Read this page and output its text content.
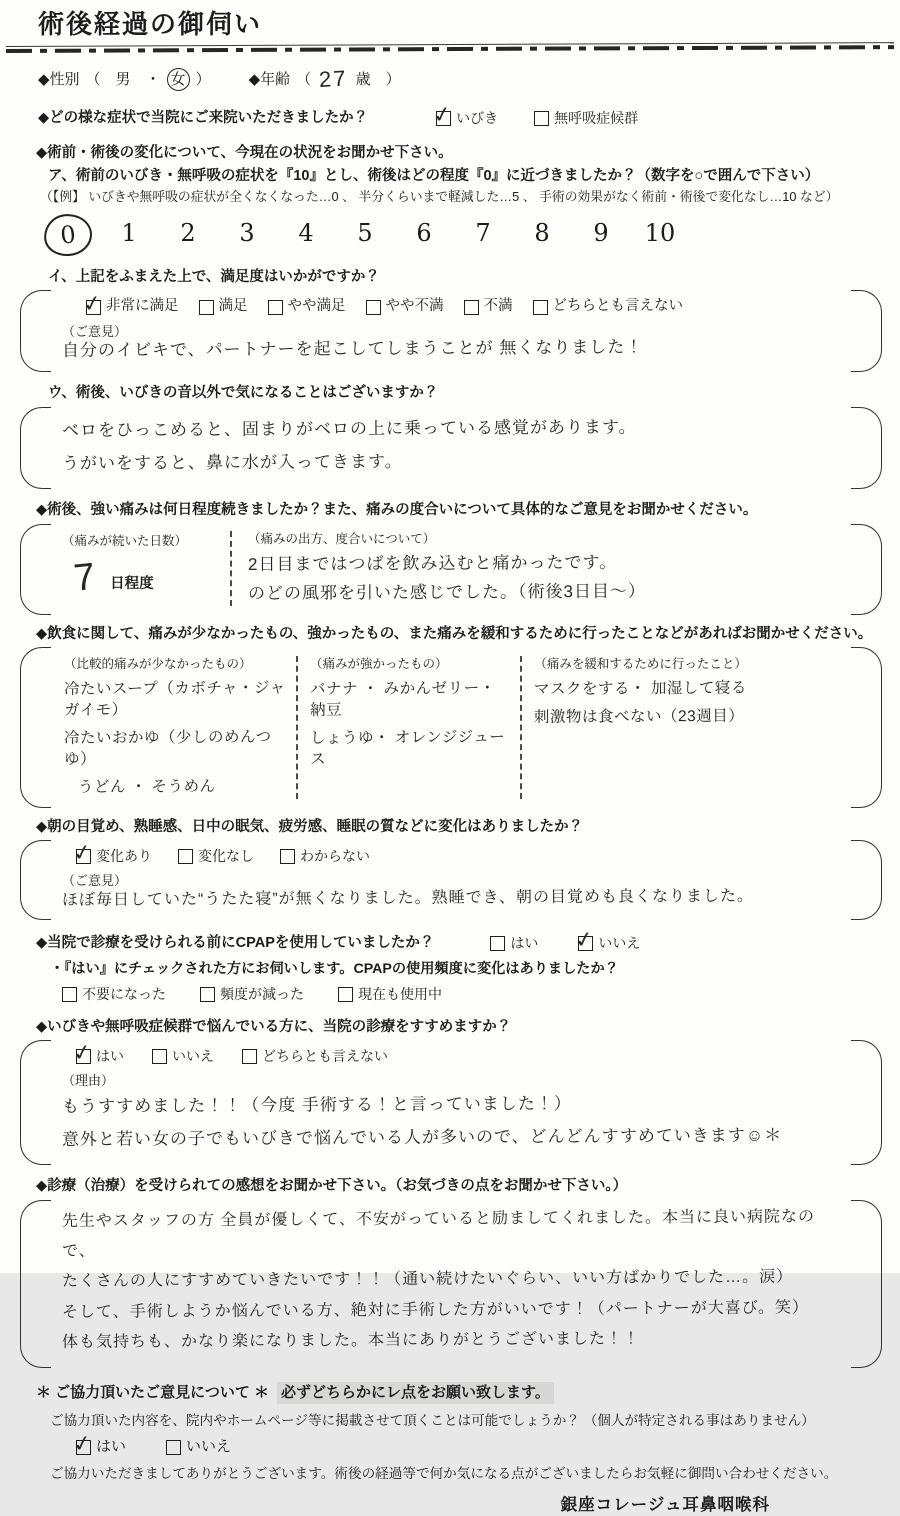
術後経過の御伺い
◆性別 （　男　・ 女 ）	◆年齢 （ 27 歳　）
◆どの様な症状で当院にご来院いただきましたか？	✓ いびき	無呼吸症候群
◆術前・術後の変化について、今現在の状況をお聞かせ下さい。
ア、術前のいびき・無呼吸の症状を『10』とし、術後はどの程度『0』に近づきましたか？（数字を○で囲んで下さい）
（【例】 いびきや無呼吸の症状が全くなくなった…0 、 半分くらいまで軽減した…5 、 手術の効果がなく術前・術後で変化なし…10 など）
0	1	2	3	4	5	6	7	8	9	10
イ、上記をふまえた上で、満足度はいかがですか？
✓ 非常に満足	満足	やや満足	やや不満	不満	どちらとも言えない
（ご意見）
自分のイビキで、パートナーを起こしてしまうことが 無くなりました！
ウ、術後、いびきの音以外で気になることはございますか？
ベロをひっこめると、固まりがベロの上に乗っている感覚があります。
うがいをすると、鼻に水が入ってきます。
◆術後、強い痛みは何日程度続きましたか？また、痛みの度合いについて具体的なご意見をお聞かせください。
（痛みが続いた日数）
7 日程度
（痛みの出方、度合いについて）
2日目まではつばを飲み込むと痛かったです。
のどの風邪を引いた感じでした。（術後3日目～）
◆飲食に関して、痛みが少なかったもの、強かったもの、また痛みを緩和するために行ったことなどがあればお聞かせください。
（比較的痛みが少なかったもの）
冷たいスープ（カボチャ・ジャガイモ）
冷たいおかゆ（少しのめんつゆ）
うどん ・ そうめん
（痛みが強かったもの）
バナナ ・ みかんゼリー・納豆
しょうゆ・ オレンジジュース
（痛みを緩和するために行ったこと）
マスクをする・ 加湿して寝る
刺激物は食べない（23週目）
◆朝の目覚め、熟睡感、日中の眠気、疲労感、睡眠の質などに変化はありましたか？
✓ 変化あり	変化なし	わからない
（ご意見）
ほぼ毎日していた“うたた寝”が無くなりました。熟睡でき、朝の目覚めも良くなりました。
◆当院で診療を受けられる前にCPAPを使用していましたか？	はい ✓ いいえ
・『はい』にチェックされた方にお伺いします。CPAPの使用頻度に変化はありましたか？
不要になった	頻度が減った	現在も使用中
◆いびきや無呼吸症候群で悩んでいる方に、当院の診療をすすめますか？
✓ はい	いいえ	どちらとも言えない
（理由）
もうすすめました！！（今度 手術する！と言っていました！）
意外と若い女の子でもいびきで悩んでいる人が多いので、どんどんすすめていきます☺＊
◆診療（治療）を受けられての感想をお聞かせ下さい。（お気づきの点をお聞かせ下さい。）
先生やスタッフの方 全員が優しくて、不安がっていると励ましてくれました。本当に良い病院なので、
たくさんの人にすすめていきたいです！！（通い続けたいぐらい、いい方ばかりでした…。涙）
そして、手術しようか悩んでいる方、絶対に手術した方がいいです！（パートナーが大喜び。笑）
体も気持ちも、かなり楽になりました。本当にありがとうございました！！
＊ ご協力頂いたご意見について ＊ 必ずどちらかにレ点をお願い致します。
ご協力頂いた内容を、院内やホームページ等に掲載させて頂くことは可能でしょうか？ （個人が特定される事はありません）
✓ はい	いいえ
ご協力いただきましてありがとうございます。術後の経過等で何か気になる点がございましたらお気軽に御問い合わせください。
銀座コレージュ耳鼻咽喉科
